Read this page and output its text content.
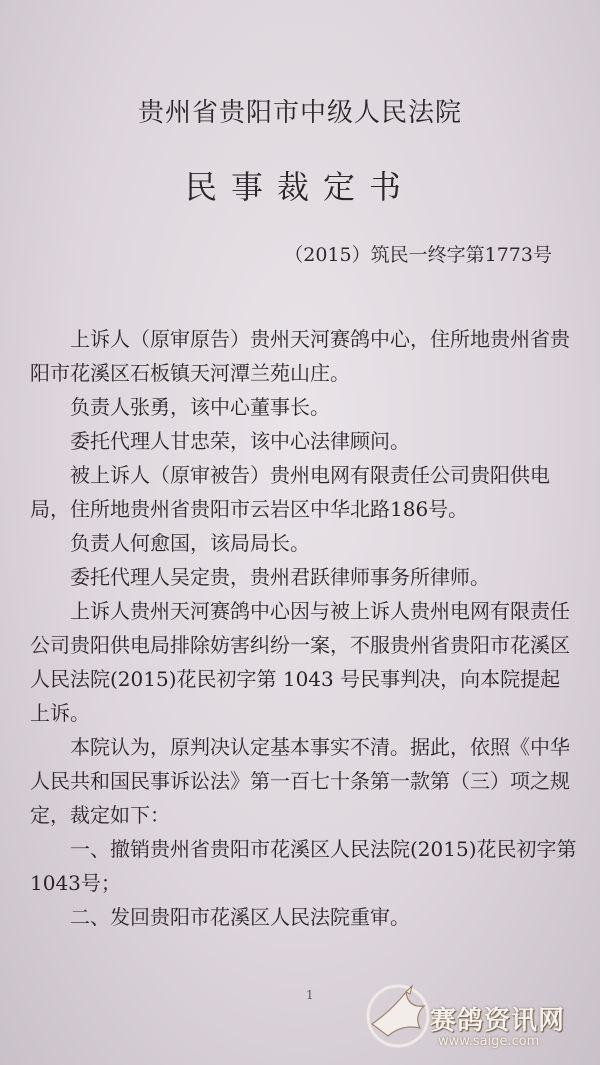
贵州省贵阳市中级人民法院
民事裁定书
（2015）筑民一终字第1773号

上诉人（原审原告）贵州天河赛鸽中心，住所地贵州省贵阳市花溪区石板镇天河潭兰苑山庄。

负责人张勇，该中心董事长。

委托代理人甘忠荣，该中心法律顾问。

被上诉人（原审被告）贵州电网有限责任公司贵阳供电局，住所地贵州省贵阳市云岩区中华北路186号。

负责人何愈国，该局局长。

委托代理人吴定贵，贵州君跃律师事务所律师。

上诉人贵州天河赛鸽中心因与被上诉人贵州电网有限责任公司贵阳供电局排除妨害纠纷一案，不服贵州省贵阳市花溪区人民法院(2015)花民初字第 1043 号民事判决，向本院提起上诉。

本院认为，原判决认定基本事实不清。据此，依照《中华人民共和国民事诉讼法》第一百七十条第一款第（三）项之规定，裁定如下：

一、撤销贵州省贵阳市花溪区人民法院(2015)花民初字第1043号；

二、发回贵阳市花溪区人民法院重审。

1
赛鸽资讯网
www.saige.com
